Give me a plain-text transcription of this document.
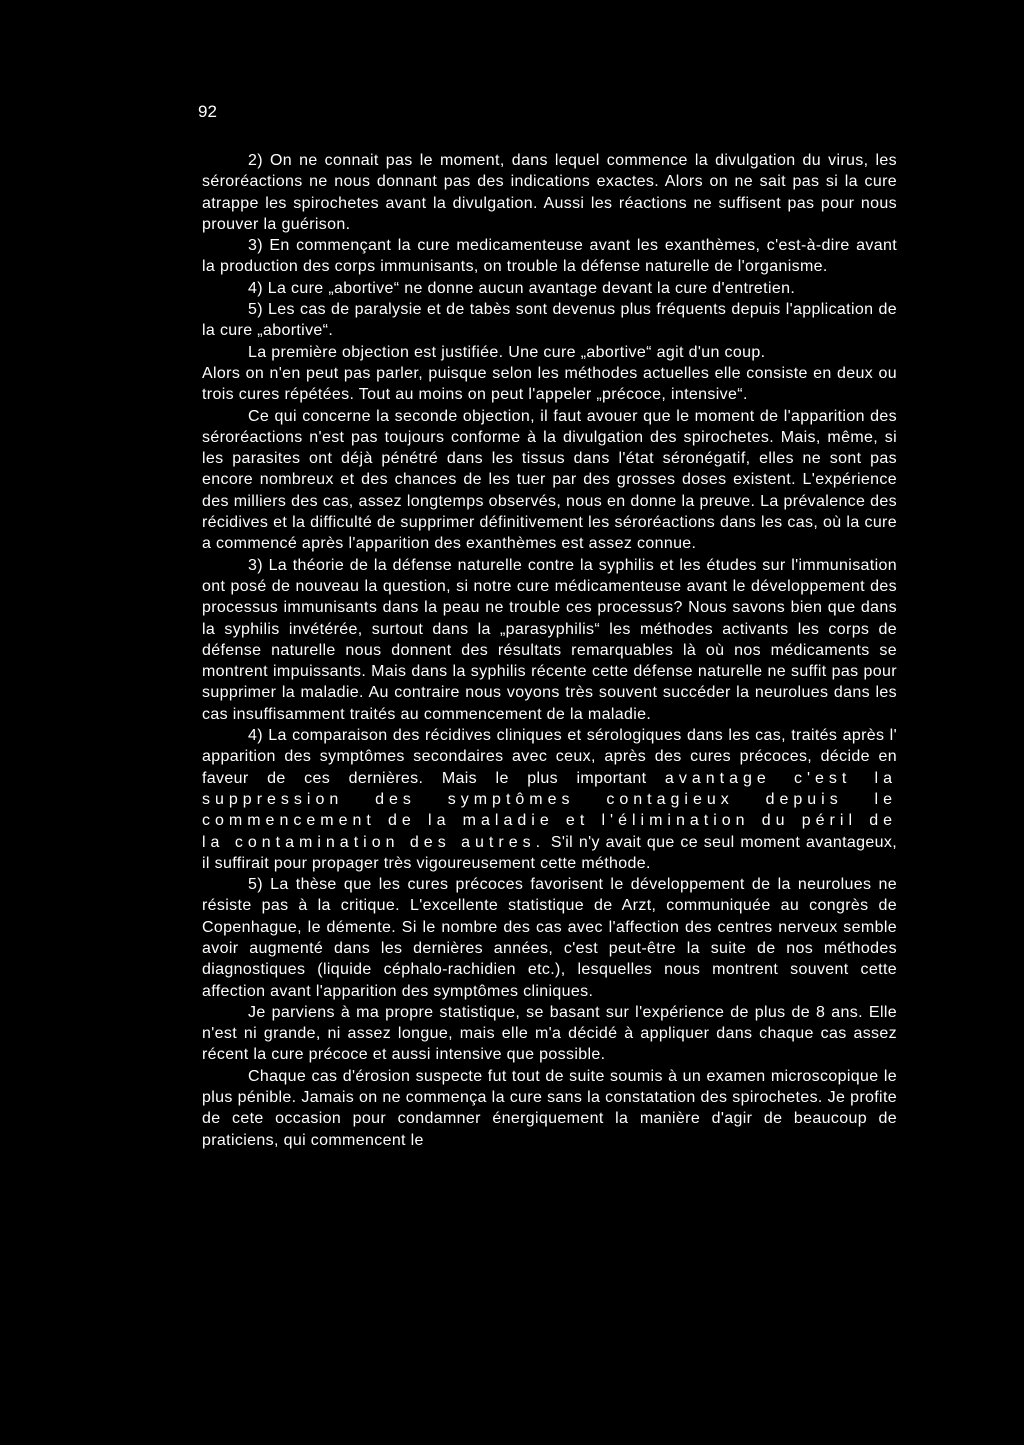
92

2) On ne connait pas le moment, dans lequel commence la divulgation du virus, les séroréactions ne nous donnant pas des indications exactes. Alors on ne sait pas si la cure atrappe les spirochetes avant la divulgation. Aussi les réactions ne suffisent pas pour nous prouver la guérison.

3) En commençant la cure medicamenteuse avant les exanthèmes, c'est-à-dire avant la production des corps immunisants, on trouble la défense naturelle de l'organisme.

4) La cure „abortive“ ne donne aucun avantage devant la cure d'entretien.

5) Les cas de paralysie et de tabès sont devenus plus fréquents depuis l'application de la cure „abortive“.

La première objection est justifiée. Une cure „abortive“ agit d'un coup.

Alors on n'en peut pas parler, puisque selon les méthodes actuelles elle consiste en deux ou trois cures répétées. Tout au moins on peut l'appeler „précoce, intensive“.

Ce qui concerne la seconde objection, il faut avouer que le moment de l'apparition des séroréactions n'est pas toujours conforme à la divulgation des spirochetes. Mais, même, si les parasites ont déjà pénétré dans les tissus dans l'état séronégatif, elles ne sont pas encore nombreux et des chances de les tuer par des grosses doses existent. L'expérience des milliers des cas, assez longtemps observés, nous en donne la preuve. La prévalence des récidives et la difficulté de supprimer définitivement les séroréactions dans les cas, où la cure a commencé après l'apparition des exanthèmes est assez connue.

3) La théorie de la défense naturelle contre la syphilis et les études sur l'immunisation ont posé de nouveau la question, si notre cure médicamenteuse avant le développement des processus immunisants dans la peau ne trouble ces processus? Nous savons bien que dans la syphilis invétérée, surtout dans la „parasyphilis“ les méthodes activants les corps de défense naturelle nous donnent des résultats remarquables là où nos médicaments se montrent impuissants. Mais dans la syphilis récente cette défense naturelle ne suffit pas pour supprimer la maladie. Au contraire nous voyons très souvent succéder la neurolues dans les cas insuffisamment traités au commencement de la maladie.

4) La comparaison des récidives cliniques et sérologiques dans les cas, traités après l' apparition des symptômes secondaires avec ceux, après des cures précoces, décide en faveur de ces dernières. Mais le plus important avantage c'est la suppression des symptômes contagieux depuis le commencement de la maladie et l'élimination du péril de la contamination des autres. S'il n'y avait que ce seul moment avantageux, il suffirait pour propager très vigoureusement cette méthode.

5) La thèse que les cures précoces favorisent le développement de la neurolues ne résiste pas à la critique. L'excellente statistique de Arzt, communiquée au congrès de Copenhague, le démente. Si le nombre des cas avec l'affection des centres nerveux semble avoir augmenté dans les dernières années, c'est peut-être la suite de nos méthodes diagnostiques (liquide céphalo-rachidien etc.), lesquelles nous montrent souvent cette affection avant l'apparition des symptômes cliniques.

Je parviens à ma propre statistique, se basant sur l'expérience de plus de 8 ans. Elle n'est ni grande, ni assez longue, mais elle m'a décidé à appliquer dans chaque cas assez récent la cure précoce et aussi intensive que possible.

Chaque cas d'érosion suspecte fut tout de suite soumis à un examen microscopique le plus pénible. Jamais on ne commença la cure sans la constatation des spirochetes. Je profite de cete occasion pour condamner énergiquement la manière d'agir de beaucoup de praticiens, qui commencent le
